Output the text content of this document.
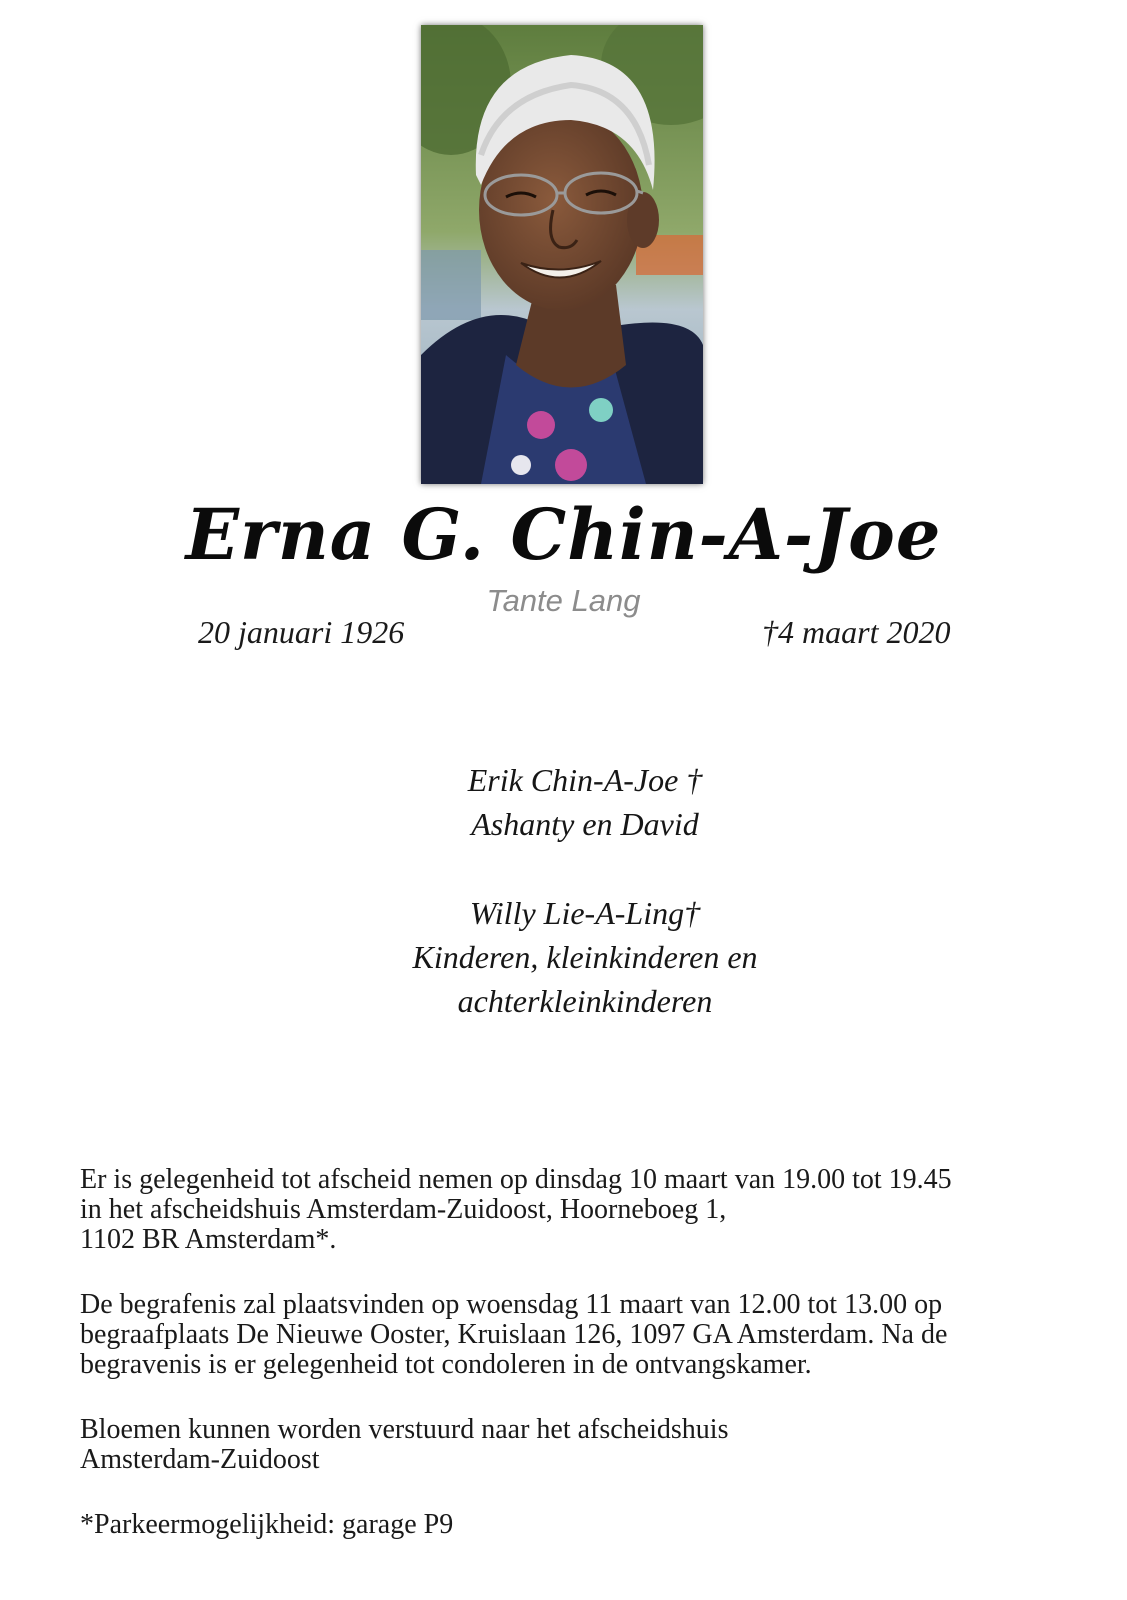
Erna G. Chin-A-Joe
Tante Lang
20 januari 1926	†4 maart 2020
Erik Chin-A-Joe †
Ashanty en David
Willy Lie-A-Ling†
Kinderen, kleinkinderen en
achterkleinkinderen

Er is gelegenheid tot afscheid nemen op dinsdag 10 maart van 19.00 tot 19.45

in het afscheidshuis Amsterdam-Zuidoost, Hoorneboeg 1,

1102 BR Amsterdam*.

De begrafenis zal plaatsvinden op woensdag 11 maart van 12.00 tot 13.00 op

begraafplaats De Nieuwe Ooster, Kruislaan 126, 1097 GA Amsterdam. Na de

begravenis is er gelegenheid tot condoleren in de ontvangskamer.

Bloemen kunnen worden verstuurd naar het afscheidshuis

Amsterdam-Zuidoost

*Parkeermogelijkheid: garage P9
